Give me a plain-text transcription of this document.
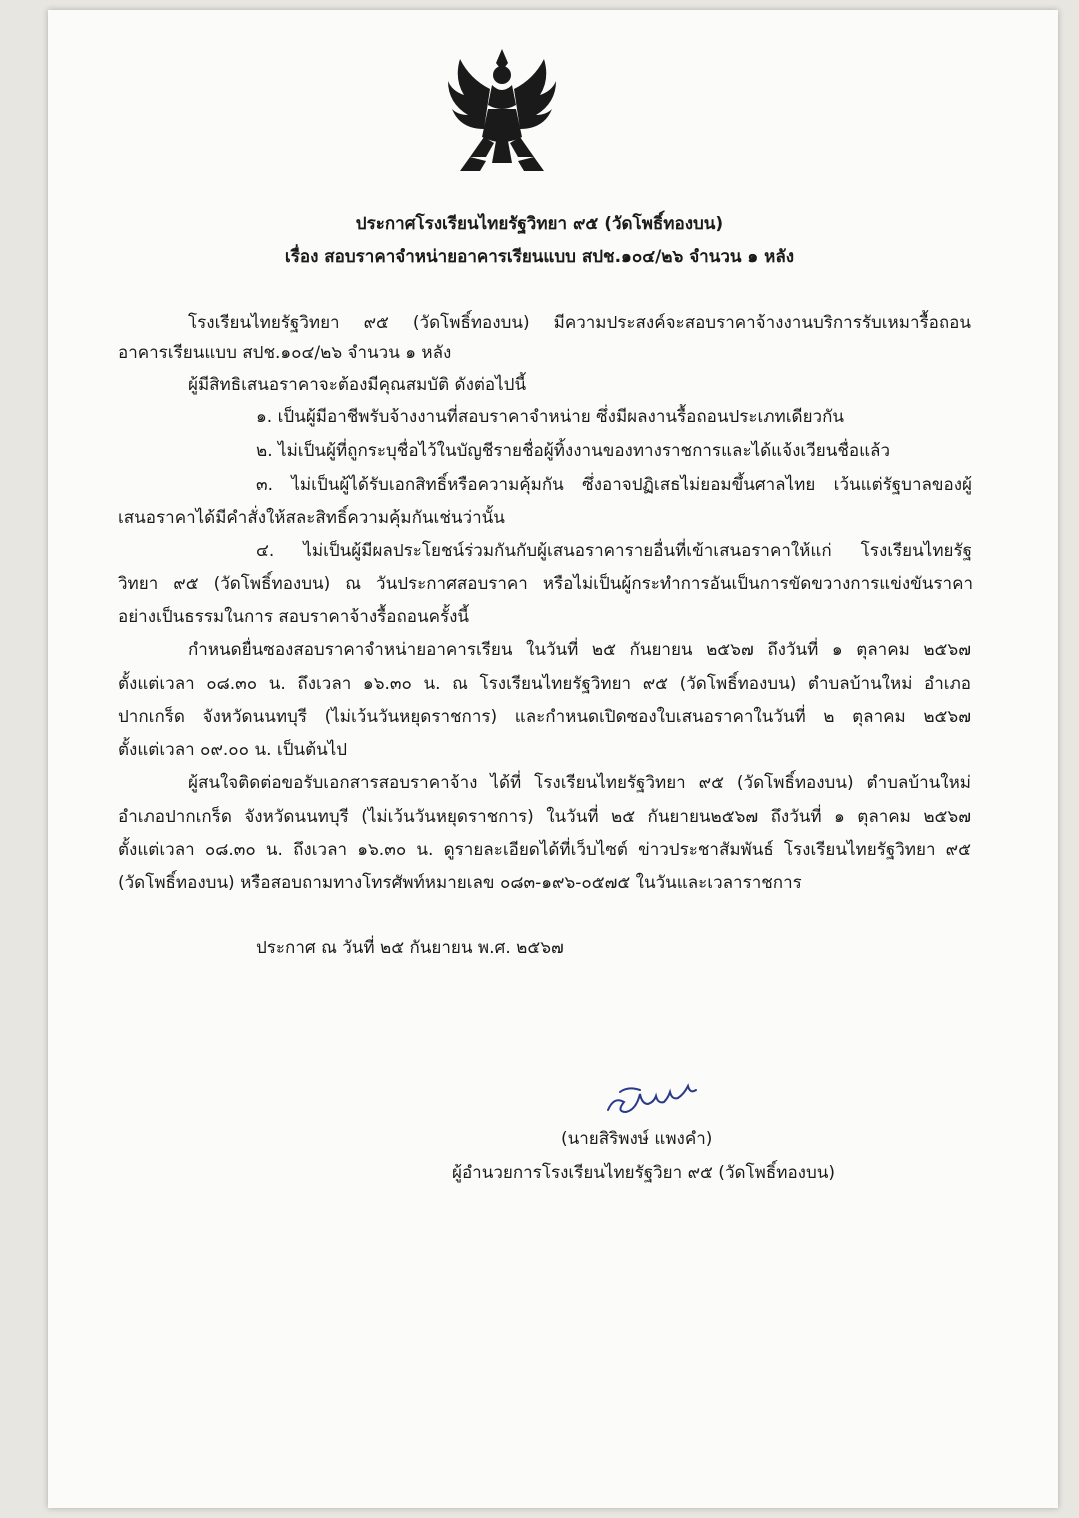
ประกาศโรงเรียนไทยรัฐวิทยา ๙๕ (วัดโพธิ์ทองบน)
เรื่อง สอบราคาจำหน่ายอาคารเรียนแบบ สปช.๑๐๔/๒๖ จำนวน ๑ หลัง
โรงเรียนไทยรัฐวิทยา ๙๕ (วัดโพธิ์ทองบน) มีความประสงค์จะสอบราคาจ้างงานบริการรับเหมารื้อถอน
อาคารเรียนแบบ สปช.๑๐๔/๒๖ จำนวน ๑ หลัง
ผู้มีสิทธิเสนอราคาจะต้องมีคุณสมบัติ ดังต่อไปนี้
๑. เป็นผู้มีอาชีพรับจ้างงานที่สอบราคาจำหน่าย ซึ่งมีผลงานรื้อถอนประเภทเดียวกัน
๒. ไม่เป็นผู้ที่ถูกระบุชื่อไว้ในบัญชีรายชื่อผู้ทิ้งงานของทางราชการและได้แจ้งเวียนชื่อแล้ว
๓. ไม่เป็นผู้ได้รับเอกสิทธิ์หรือความคุ้มกัน ซึ่งอาจปฏิเสธไม่ยอมขึ้นศาลไทย เว้นแต่รัฐบาลของผู้
เสนอราคาได้มีคำสั่งให้สละสิทธิ์ความคุ้มกันเช่นว่านั้น
๔. ไม่เป็นผู้มีผลประโยชน์ร่วมกันกับผู้เสนอราคารายอื่นที่เข้าเสนอราคาให้แก่ โรงเรียนไทยรัฐ
วิทยา ๙๕ (วัดโพธิ์ทองบน) ณ วันประกาศสอบราคา หรือไม่เป็นผู้กระทำการอันเป็นการขัดขวางการแข่งขันราคา
อย่างเป็นธรรมในการ สอบราคาจ้างรื้อถอนครั้งนี้
กำหนดยื่นซองสอบราคาจำหน่ายอาคารเรียน ในวันที่ ๒๕ กันยายน ๒๕๖๗ ถึงวันที่ ๑ ตุลาคม ๒๕๖๗
ตั้งแต่เวลา ๐๘.๓๐ น. ถึงเวลา ๑๖.๓๐ น. ณ โรงเรียนไทยรัฐวิทยา ๙๕ (วัดโพธิ์ทองบน) ตำบลบ้านใหม่ อำเภอ
ปากเกร็ด จังหวัดนนทบุรี (ไม่เว้นวันหยุดราชการ) และกำหนดเปิดซองใบเสนอราคาในวันที่ ๒ ตุลาคม ๒๕๖๗
ตั้งแต่เวลา ๐๙.๐๐ น. เป็นต้นไป
ผู้สนใจติดต่อขอรับเอกสารสอบราคาจ้าง ได้ที่ โรงเรียนไทยรัฐวิทยา ๙๕ (วัดโพธิ์ทองบน) ตำบลบ้านใหม่
อำเภอปากเกร็ด จังหวัดนนทบุรี (ไม่เว้นวันหยุดราชการ) ในวันที่ ๒๕ กันยายน๒๕๖๗ ถึงวันที่ ๑ ตุลาคม ๒๕๖๗
ตั้งแต่เวลา ๐๘.๓๐ น. ถึงเวลา ๑๖.๓๐ น. ดูรายละเอียดได้ที่เว็บไซต์ ข่าวประชาสัมพันธ์ โรงเรียนไทยรัฐวิทยา ๙๕
(วัดโพธิ์ทองบน) หรือสอบถามทางโทรศัพท์หมายเลข ๐๘๓-๑๙๖-๐๕๗๕ ในวันและเวลาราชการ
ประกาศ ณ วันที่ ๒๕ กันยายน พ.ศ. ๒๕๖๗
(นายสิริพงษ์ แพงคำ)
ผู้อำนวยการโรงเรียนไทยรัฐวิยา ๙๕ (วัดโพธิ์ทองบน)
